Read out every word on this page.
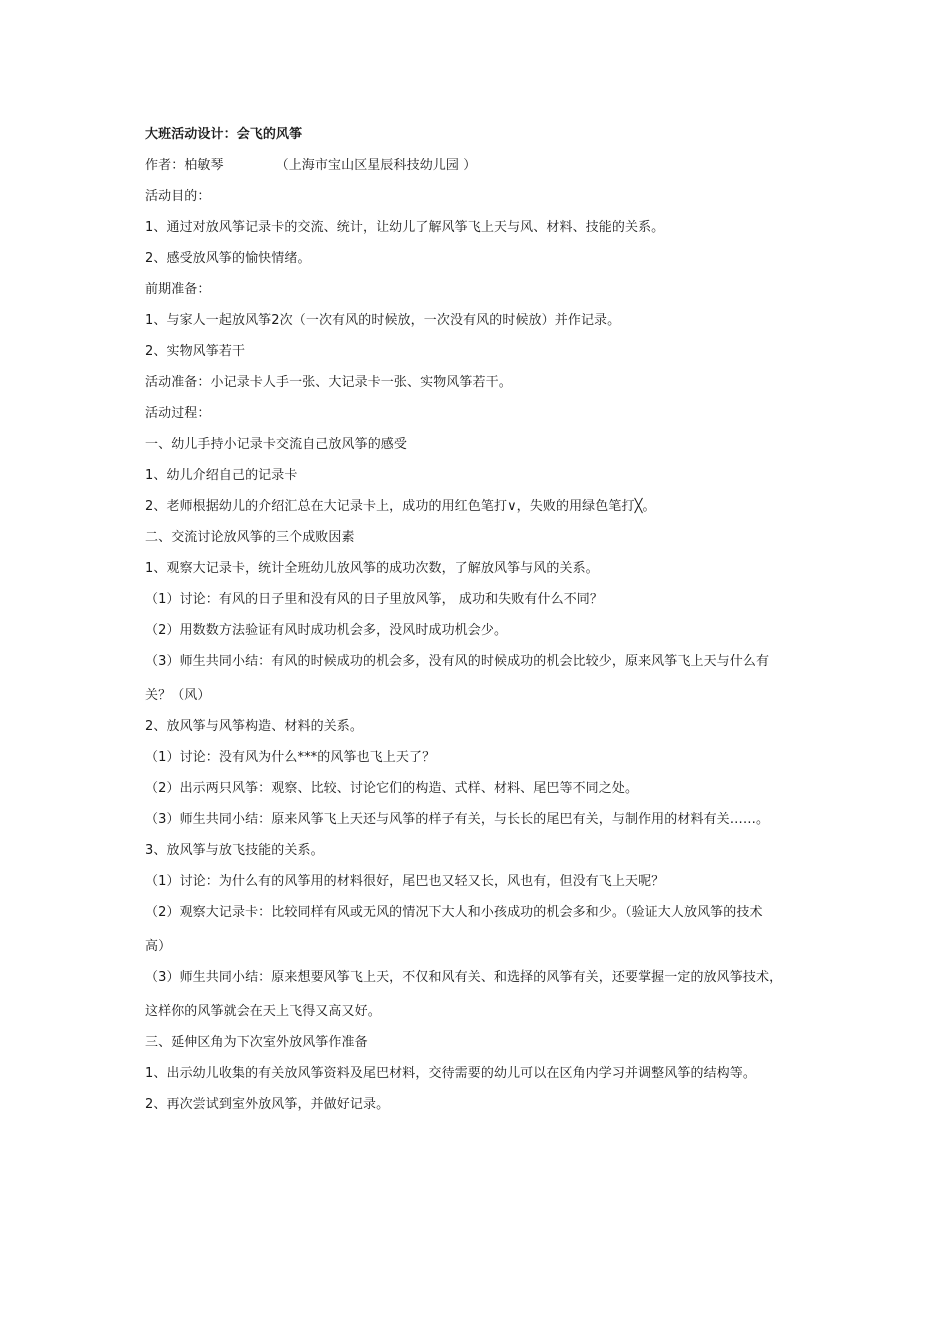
大班活动设计：会飞的风筝
作者：柏敏琴	（上海市宝山区星辰科技幼儿园 ）
活动目的：
1、通过对放风筝记录卡的交流、统计，让幼儿了解风筝飞上天与风、材料、技能的关系。
2、感受放风筝的愉快情绪。
前期准备：
1、与家人一起放风筝2次（一次有风的时候放，一次没有风的时候放）并作记录。
2、实物风筝若干
活动准备：小记录卡人手一张、大记录卡一张、实物风筝若干。
活动过程：
一、幼儿手持小记录卡交流自己放风筝的感受
1、幼儿介绍自己的记录卡
2、老师根据幼儿的介绍汇总在大记录卡上，成功的用红色笔打∨，失败的用绿色笔打╳。
二、交流讨论放风筝的三个成败因素
1、观察大记录卡，统计全班幼儿放风筝的成功次数，了解放风筝与风的关系。
（1）讨论：有风的日子里和没有风的日子里放风筝， 成功和失败有什么不同？
（2）用数数方法验证有风时成功机会多，没风时成功机会少。
（3）师生共同小结：有风的时候成功的机会多，没有风的时候成功的机会比较少，原来风筝飞上天与什么有
关？（风）
2、放风筝与风筝构造、材料的关系。
（1）讨论：没有风为什么***的风筝也飞上天了？
（2）出示两只风筝：观察、比较、讨论它们的构造、式样、材料、尾巴等不同之处。
（3）师生共同小结：原来风筝飞上天还与风筝的样子有关，与长长的尾巴有关，与制作用的材料有关……。
3、放风筝与放飞技能的关系。
（1）讨论：为什么有的风筝用的材料很好，尾巴也又轻又长，风也有，但没有飞上天呢？
（2）观察大记录卡：比较同样有风或无风的情况下大人和小孩成功的机会多和少。（验证大人放风筝的技术
高）
（3）师生共同小结：原来想要风筝飞上天，不仅和风有关、和选择的风筝有关，还要掌握一定的放风筝技术，
这样你的风筝就会在天上飞得又高又好。
三、延伸区角为下次室外放风筝作准备
1、出示幼儿收集的有关放风筝资料及尾巴材料，交待需要的幼儿可以在区角内学习并调整风筝的结构等。
2、再次尝试到室外放风筝，并做好记录。
